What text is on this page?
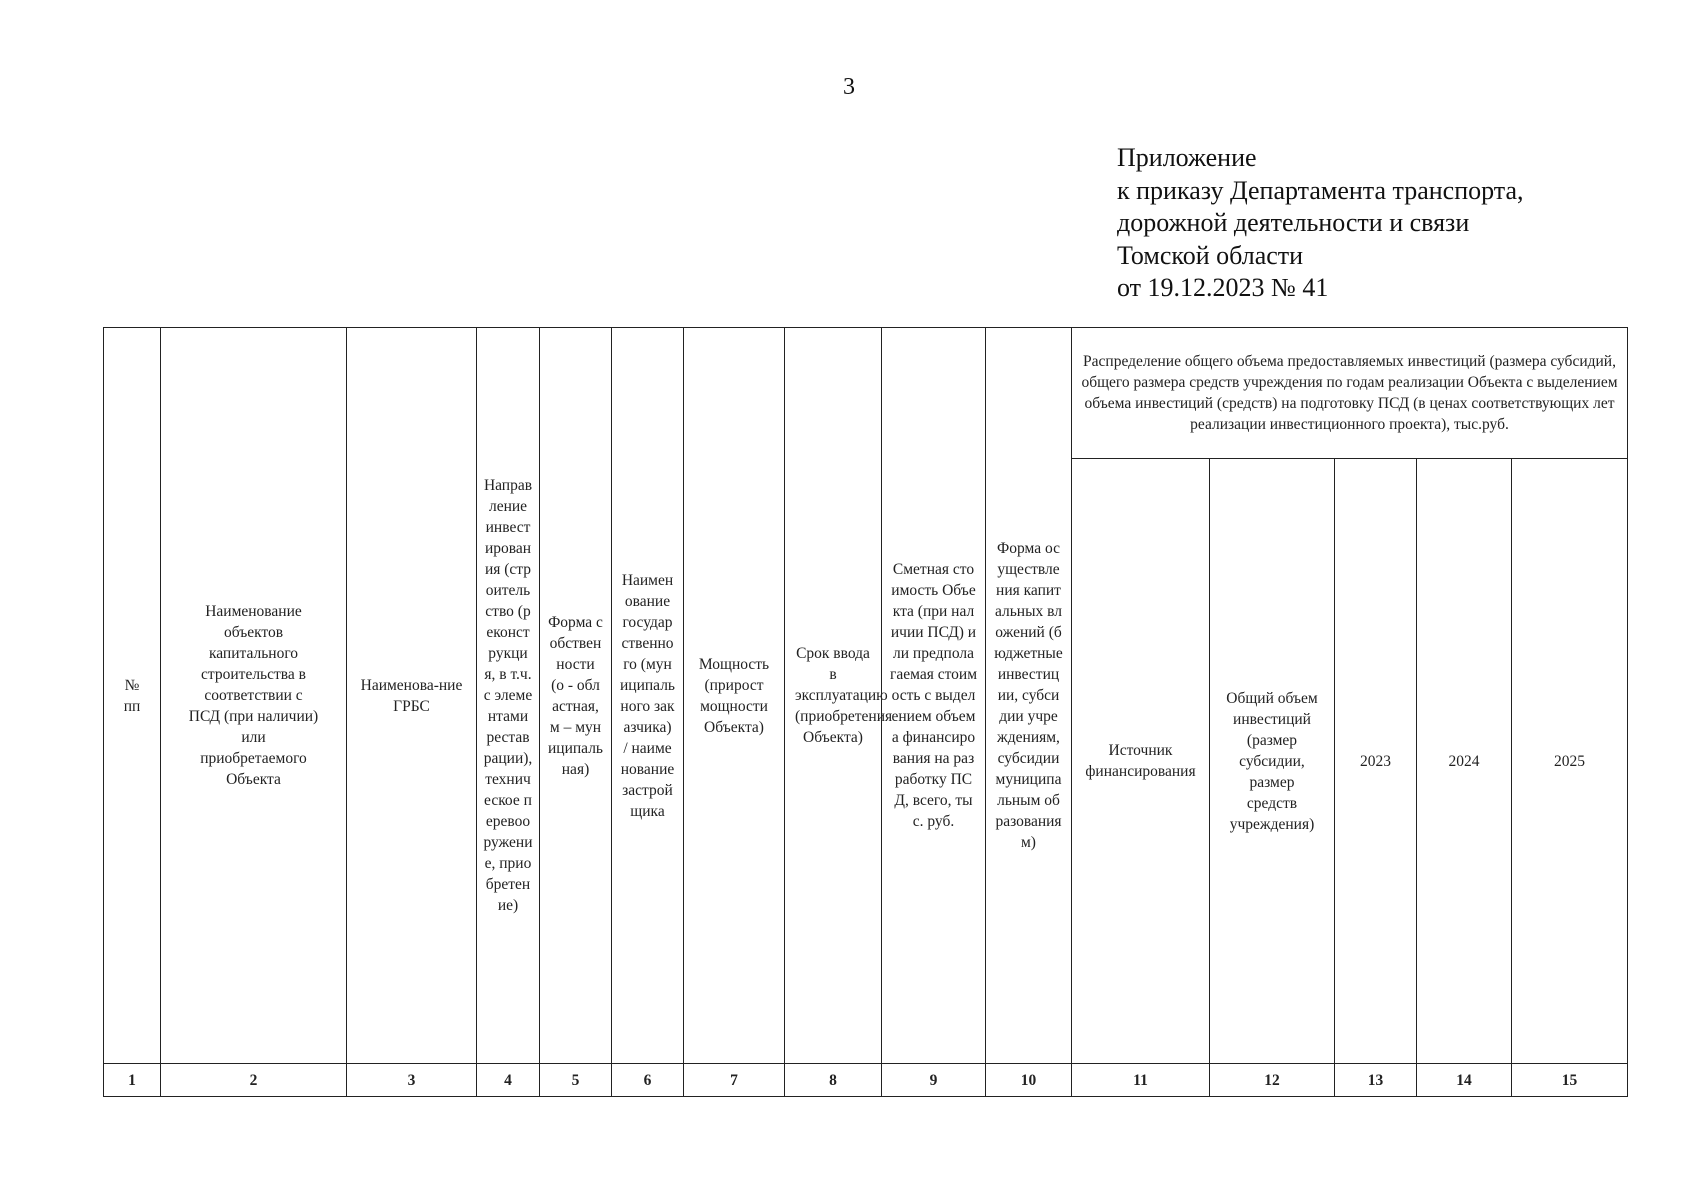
3
Приложение
к приказу Департамента транспорта,
дорожной деятельности и связи
Томской области
от 19.12.2023 № 41
№ пп	Наименование объектов капитального строительства в соответствии с ПСД (при наличии) или приобретаемого Объекта	Наименова-ние ГРБС	Направление инвестирования (строительство (реконструкция, в т.ч. с элементами реставрации), техническое перевооружение, приобретение)	Форма собственности (о - областная, м – муниципальная)	Наименование государственного (муниципального заказчика) / наименование застройщика	Мощность (прирост мощности Объекта)	Срок ввода в эксплуатацию (приобретения Объекта)	Сметная стоимость Объекта (при наличии ПСД) или предполагаемая стоимость с выделением объема финансирования на разработку ПСД, всего, тыс. руб.	Форма осуществления капитальных вложений (бюджетные инвестиции, субсидии учреждениям, субсидии муниципальным образованиям)	Распределение общего объема предоставляемых инвестиций (размера субсидий, общего размера средств учреждения по годам реализации Объекта с выделением объема инвестиций (средств) на подготовку ПСД (в ценах соответствующих лет реализации инвестиционного проекта), тыс.руб.				

										Источник финансирования	Общий объем инвестиций (размер субсидии, размер средств учреждения)	2023	2024	2025
1	2	3	4	5	6	7	8	9	10	11	12	13	14	15
